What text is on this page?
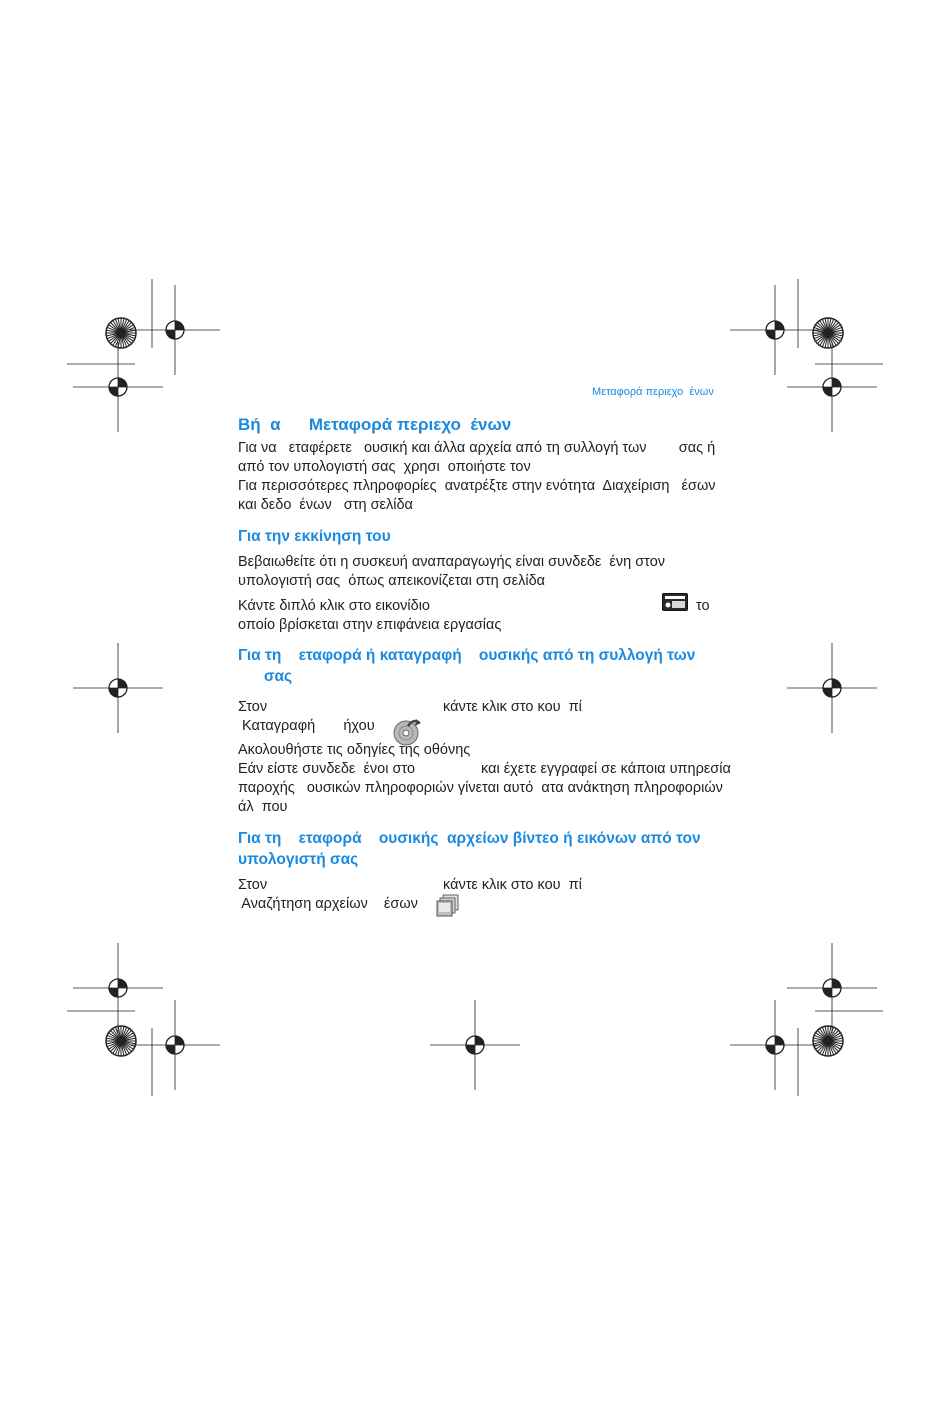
Μεταφορά περιεχο  ένων
Βή  α      Μεταφορά περιεχο  ένων

Για να   εταφέρετε   ουσική και άλλα αρχεία από τη συλλογή των        σας ή

από τον υπολογιστή σας  χρησι  οποιήστε τον

Για περισσότερες πληροφορίες  ανατρέξτε στην ενότητα  Διαχείριση   έσων

και δεδο  ένων   στη σελίδα

Για την εκκίνηση του

Βεβαιωθείτε ότι η συσκευή αναπαραγωγής είναι συνδεδε  ένη στον

υπολογιστή σας  όπως απεικονίζεται στη σελίδα

Κάντε διπλό κλικ στο εικονίδιο	το

οποίο βρίσκεται στην επιφάνεια εργασίας

Για τη    εταφορά ή καταγραφή    ουσικής από τη συλλογή των
σας

Στον	κάντε κλικ στο κου  πί

Καταγραφή       ήχου

Ακολουθήστε τις οδηγίες της οθόνης

Εάν είστε συνδεδε  ένοι στο	και έχετε εγγραφεί σε κάποια υπηρεσία

παροχής   ουσικών πληροφοριών γίνεται αυτό  ατα ανάκτηση πληροφοριών

άλ  που

Για τη    εταφορά    ουσικής  αρχείων βίντεο ή εικόνων από τον
υπολογιστή σας

Στον	κάντε κλικ στο κου  πί

Αναζήτηση αρχείων    έσων
